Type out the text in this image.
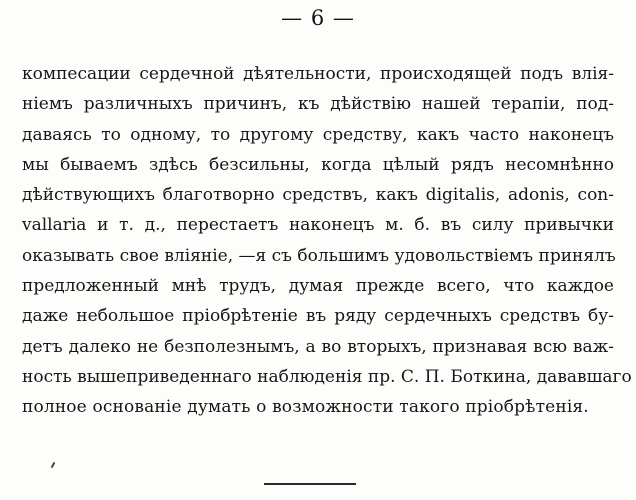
— 6 —
компесации сердечной дѣятельности, происходящей подъ влія-
ніемъ различныхъ причинъ, къ дѣйствію нашей терапіи, под-
даваясь то одному, то другому средству, какъ часто наконецъ
мы бываемъ здѣсь безсильны, когда цѣлый рядъ несомнѣнно
дѣйствующихъ благотворно средствъ, какъ digitalis, adonis, con-
vallaria и т. д., перестаетъ наконецъ м. б. въ силу привычки
оказывать свое вліяніе, —я съ большимъ удовольствіемъ принялъ
предложенный мнѣ трудъ, думая прежде всего, что каждое
даже небольшое пріобрѣтеніе въ ряду сердечныхъ средствъ бу-
детъ далеко не безполезнымъ, а во вторыхъ, признавая всю важ-
ность вышеприведеннаго наблюденія пр. С. П. Боткина, дававшаго
полное основаніе думать о возможности такого пріобрѣтенія.
